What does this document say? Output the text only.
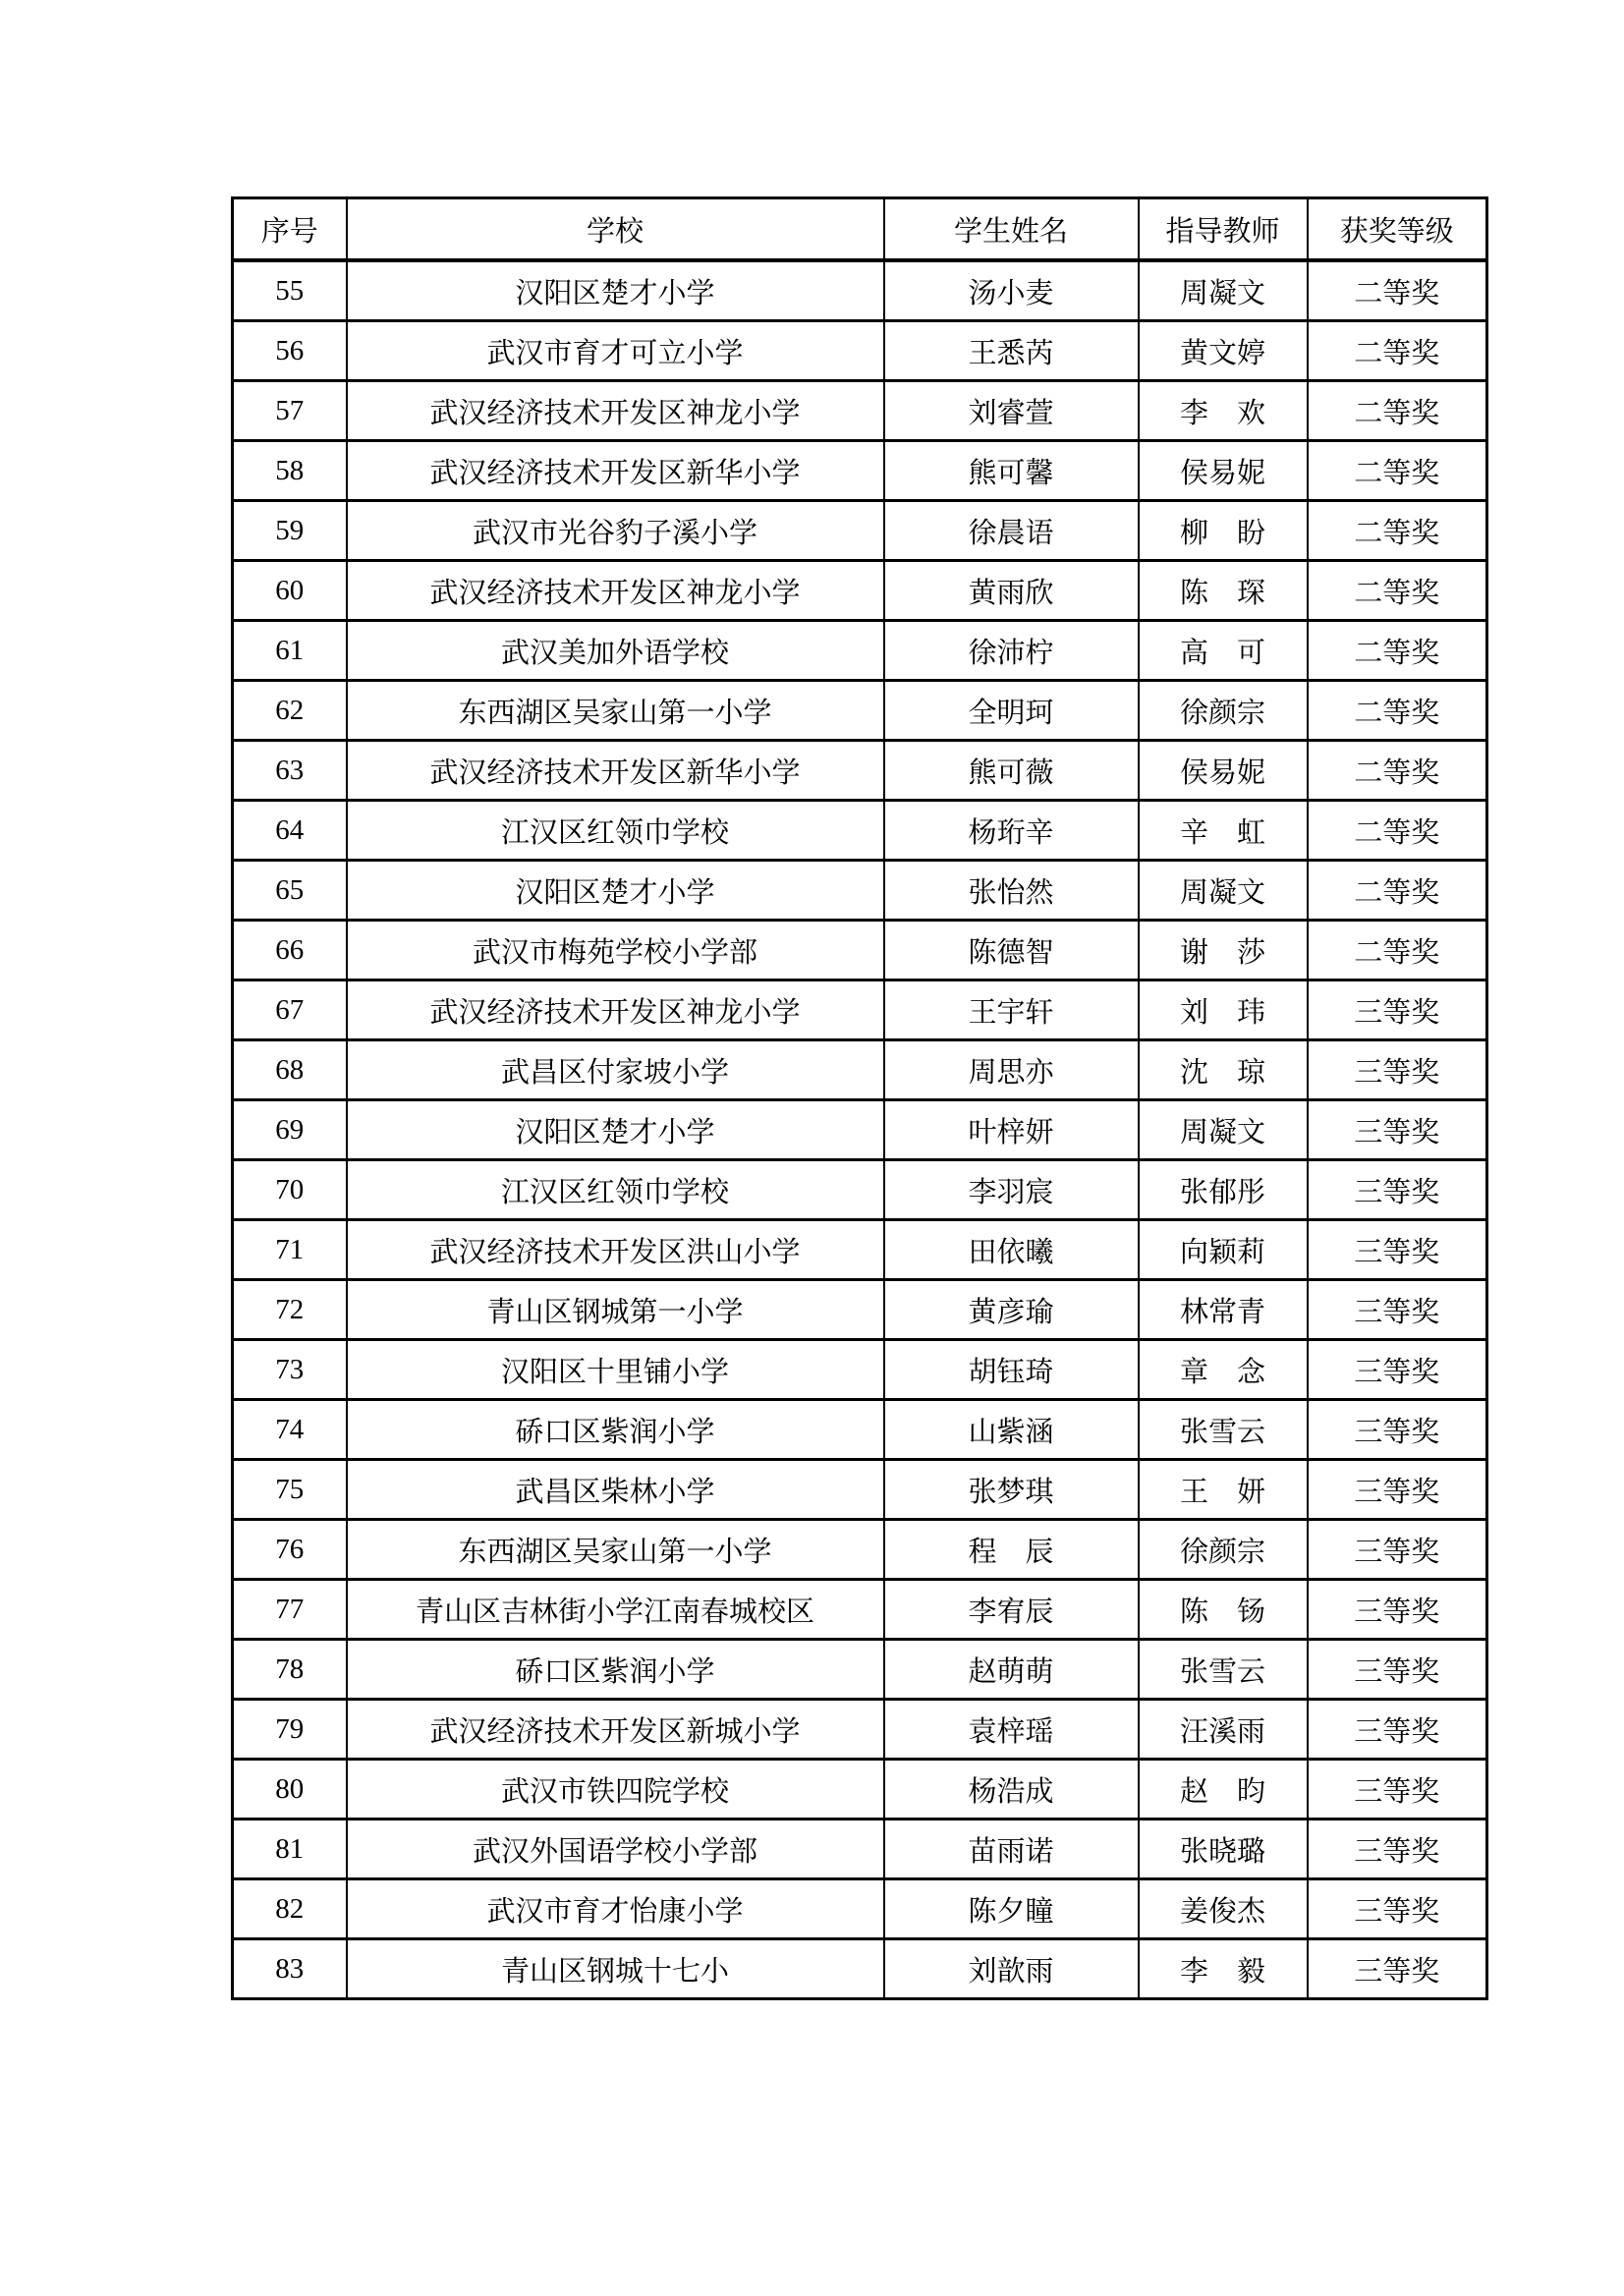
序号	学校	学生姓名	指导教师	获奖等级
55	汉阳区楚才小学	汤小麦	周凝文	二等奖
56	武汉市育才可立小学	王悉芮	黄文婷	二等奖
57	武汉经济技术开发区神龙小学	刘睿萱	李　欢	二等奖
58	武汉经济技术开发区新华小学	熊可馨	侯易妮	二等奖
59	武汉市光谷豹子溪小学	徐晨语	柳　盼	二等奖
60	武汉经济技术开发区神龙小学	黄雨欣	陈　琛	二等奖
61	武汉美加外语学校	徐沛柠	高　可	二等奖
62	东西湖区吴家山第一小学	全明珂	徐颜宗	二等奖
63	武汉经济技术开发区新华小学	熊可薇	侯易妮	二等奖
64	江汉区红领巾学校	杨珩辛	辛　虹	二等奖
65	汉阳区楚才小学	张怡然	周凝文	二等奖
66	武汉市梅苑学校小学部	陈德智	谢　莎	二等奖
67	武汉经济技术开发区神龙小学	王宇轩	刘　玮	三等奖
68	武昌区付家坡小学	周思亦	沈　琼	三等奖
69	汉阳区楚才小学	叶梓妍	周凝文	三等奖
70	江汉区红领巾学校	李羽宸	张郁彤	三等奖
71	武汉经济技术开发区洪山小学	田依曦	向颖莉	三等奖
72	青山区钢城第一小学	黄彦瑜	林常青	三等奖
73	汉阳区十里铺小学	胡钰琦	章　念	三等奖
74	硚口区紫润小学	山紫涵	张雪云	三等奖
75	武昌区柴林小学	张梦琪	王　妍	三等奖
76	东西湖区吴家山第一小学	程　辰	徐颜宗	三等奖
77	青山区吉林街小学江南春城校区	李宥辰	陈　钖	三等奖
78	硚口区紫润小学	赵萌萌	张雪云	三等奖
79	武汉经济技术开发区新城小学	袁梓瑶	汪溪雨	三等奖
80	武汉市铁四院学校	杨浩成	赵　昀	三等奖
81	武汉外国语学校小学部	苗雨诺	张晓璐	三等奖
82	武汉市育才怡康小学	陈夕瞳	姜俊杰	三等奖
83	青山区钢城十七小	刘歆雨	李　毅	三等奖
